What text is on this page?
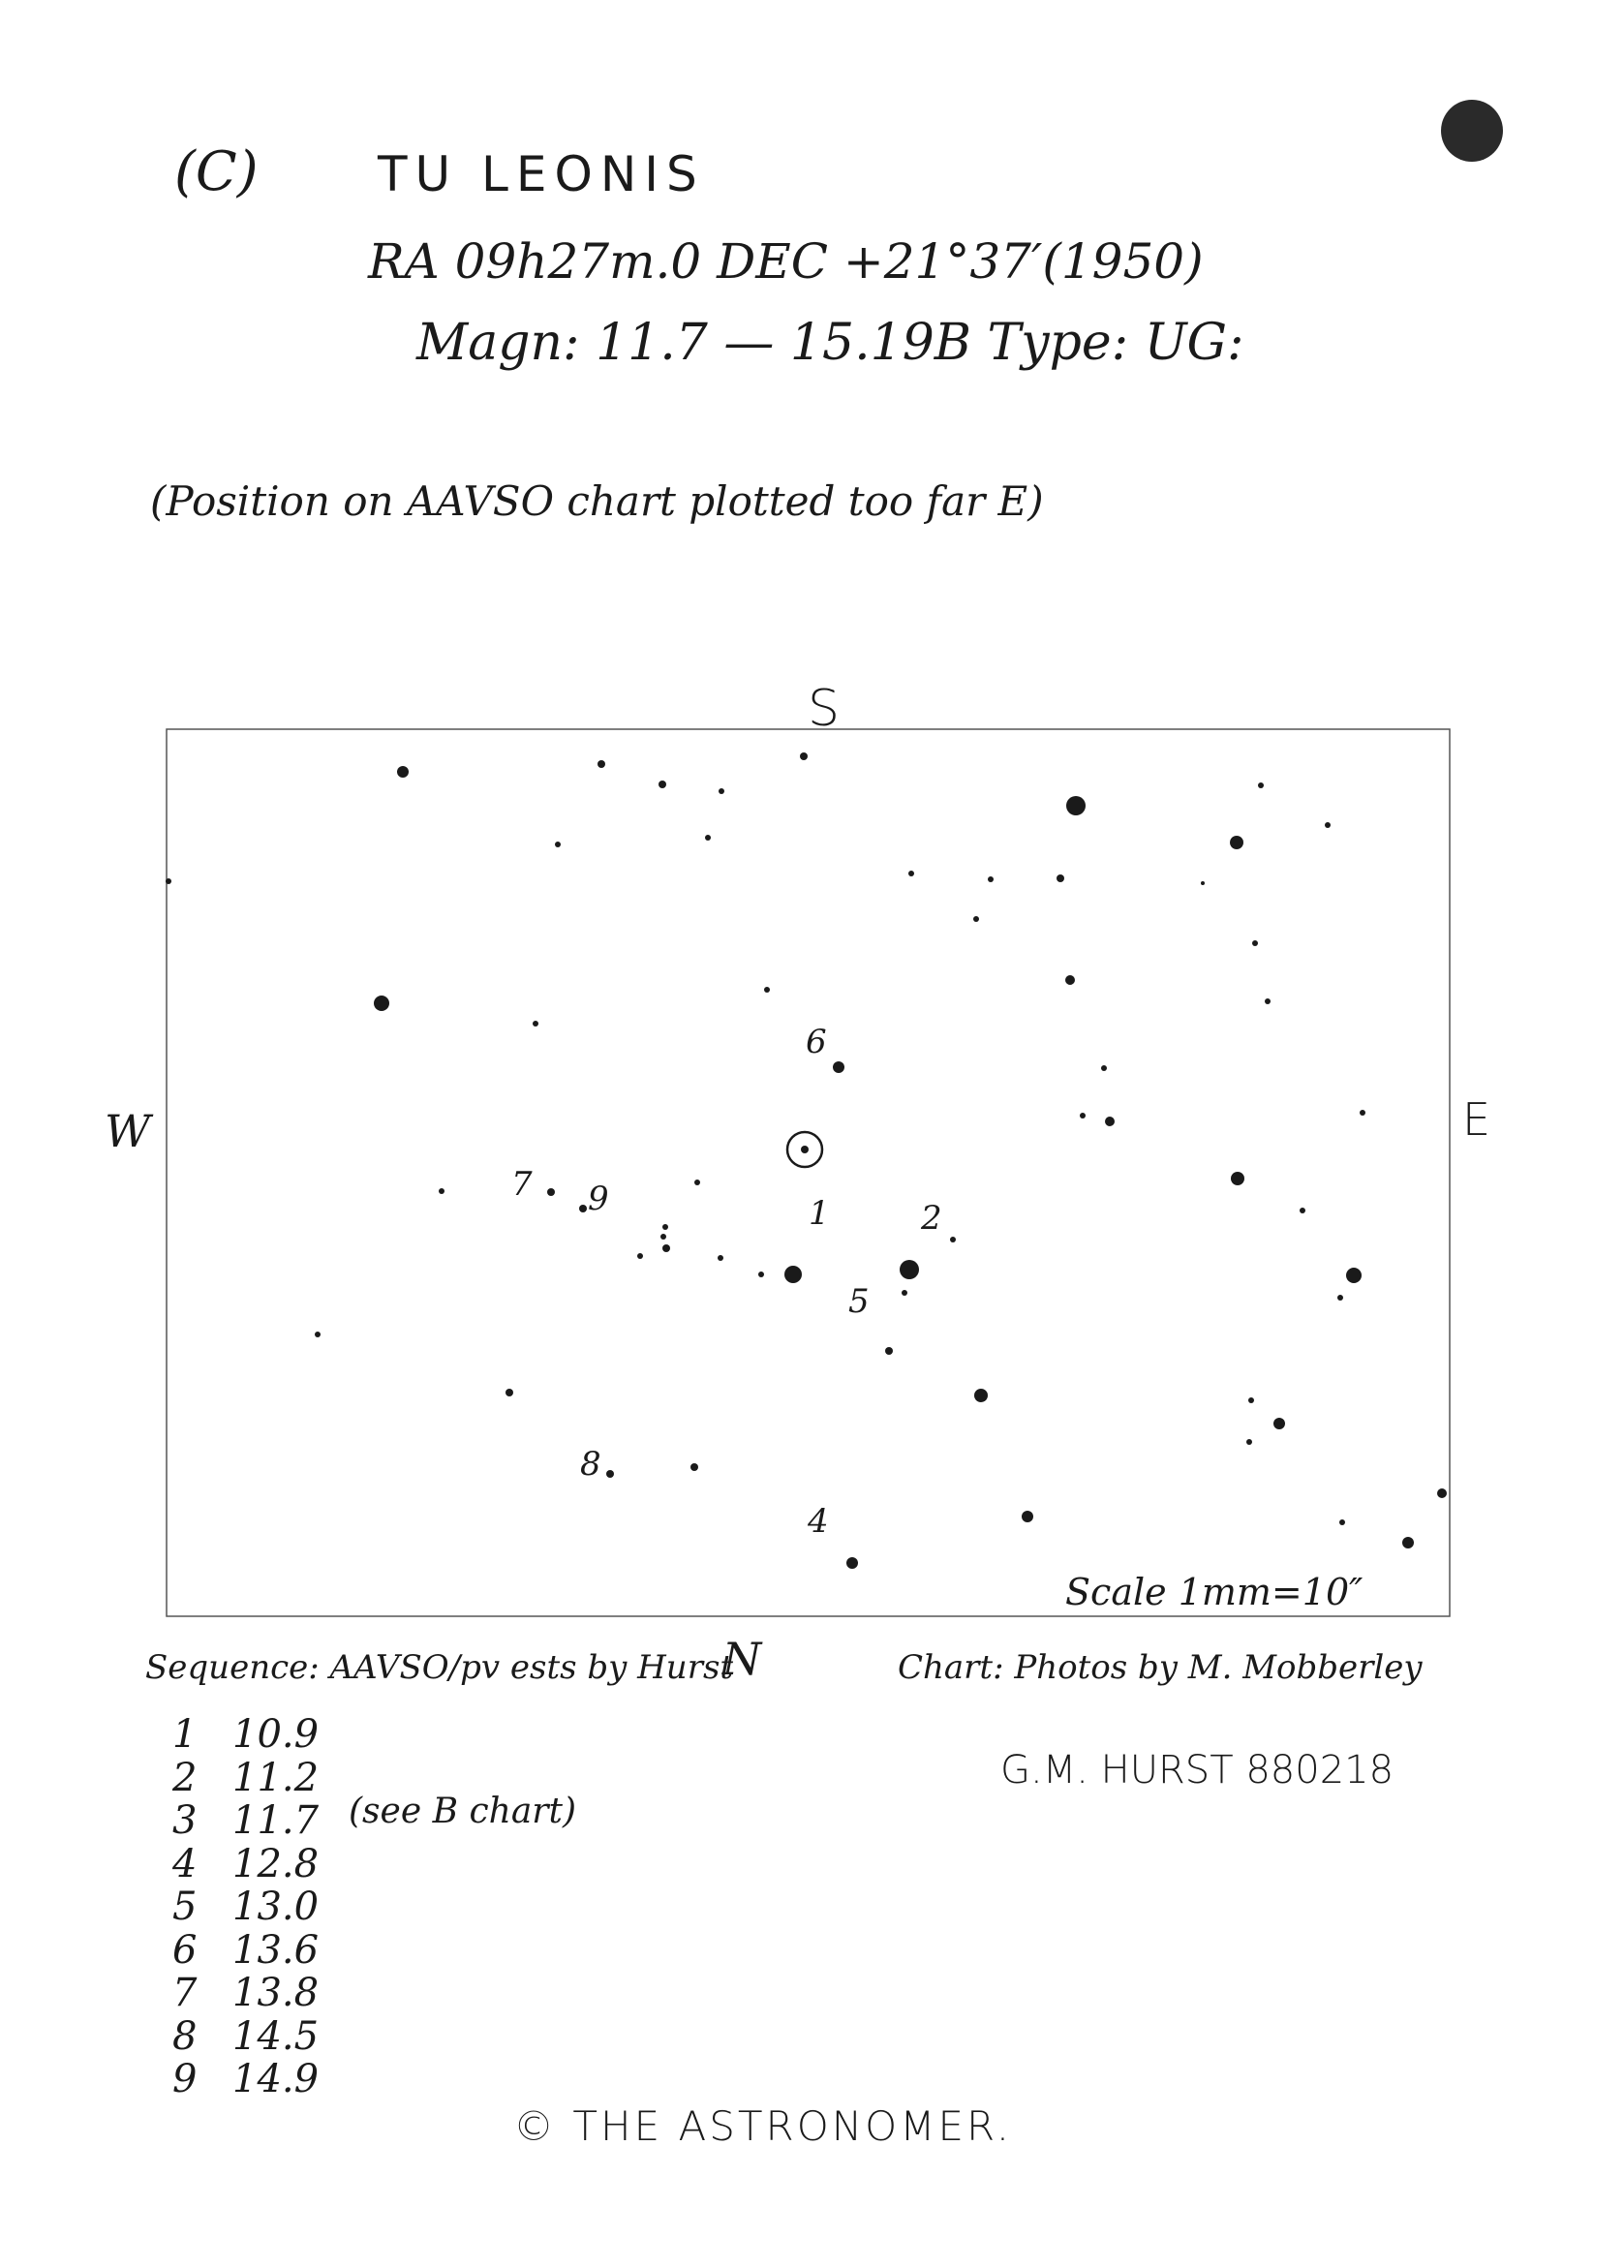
(C) TU LEONIS
RA 09h27m.0 DEC +21°37′(1950)
Magn: 11.7 — 15.19B Type: UG:
(Position on AAVSO chart plotted too far E)
S
W	E
1	2
4
5
6
7
8
9
Scale 1mm=10″
Sequence: AAVSO/pv ests by Hurst
N	Chart: Photos by M. Mobberley
G.M. HURST 880218
(see B chart)
1 10.9
2 11.2
3 11.7
4 12.8
5 13.0
6 13.6
7 13.8
8 14.5
9 14.9
© THE ASTRONOMER.
